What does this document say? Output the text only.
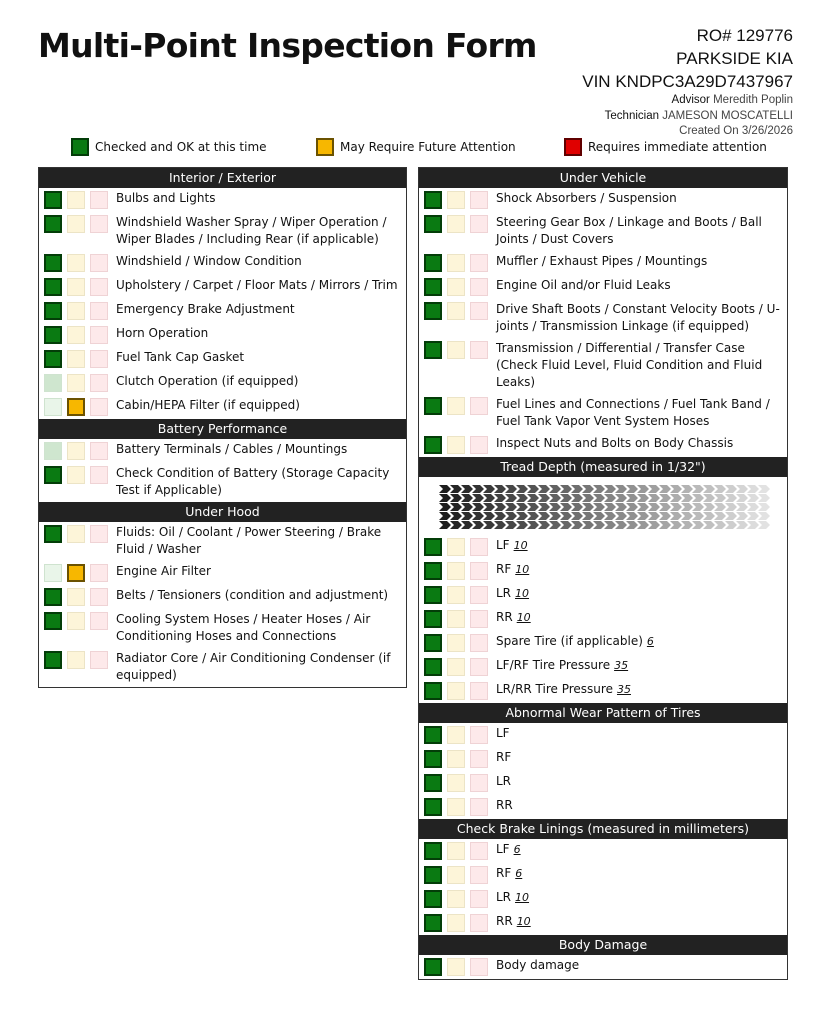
Multi-Point Inspection Form	RO# 129776
PARKSIDE KIA
VIN KNDPC3A29D7437967
Advisor Meredith Poplin
Technician JAMESON MOSCATELLI
Created On 3/26/2026
Checked and OK at this time	May Require Future Attention	Requires immediate attention
Interior / Exterior
Bulbs and Lights
Windshield Washer Spray / Wiper Operation / Wiper Blades / Including Rear (if applicable)
Windshield / Window Condition
Upholstery / Carpet / Floor Mats / Mirrors / Trim
Emergency Brake Adjustment
Horn Operation
Fuel Tank Cap Gasket
Clutch Operation (if equipped)
Cabin/HEPA Filter (if equipped)
Battery Performance
Battery Terminals / Cables / Mountings
Check Condition of Battery (Storage Capacity Test if Applicable)
Under Hood
Fluids: Oil / Coolant / Power Steering / Brake Fluid / Washer
Engine Air Filter
Belts / Tensioners (condition and adjustment)
Cooling System Hoses / Heater Hoses / Air Conditioning Hoses and Connections
Radiator Core / Air Conditioning Condenser (if equipped)
Under Vehicle
Shock Absorbers / Suspension
Steering Gear Box / Linkage and Boots / Ball Joints / Dust Covers
Muffler / Exhaust Pipes / Mountings
Engine Oil and/or Fluid Leaks
Drive Shaft Boots / Constant Velocity Boots / U-joints / Transmission Linkage (if equipped)
Transmission / Differential / Transfer Case (Check Fluid Level, Fluid Condition and Fluid Leaks)
Fuel Lines and Connections / Fuel Tank Band / Fuel Tank Vapor Vent System Hoses
Inspect Nuts and Bolts on Body Chassis
Tread Depth (measured in 1/32")
LF 10
RF 10
LR 10
RR 10
Spare Tire (if applicable) 6
LF/RF Tire Pressure 35
LR/RR Tire Pressure 35
Abnormal Wear Pattern of Tires
LF
RF
LR
RR
Check Brake Linings (measured in millimeters)
LF 6
RF 6
LR 10
RR 10
Body Damage
Body damage
